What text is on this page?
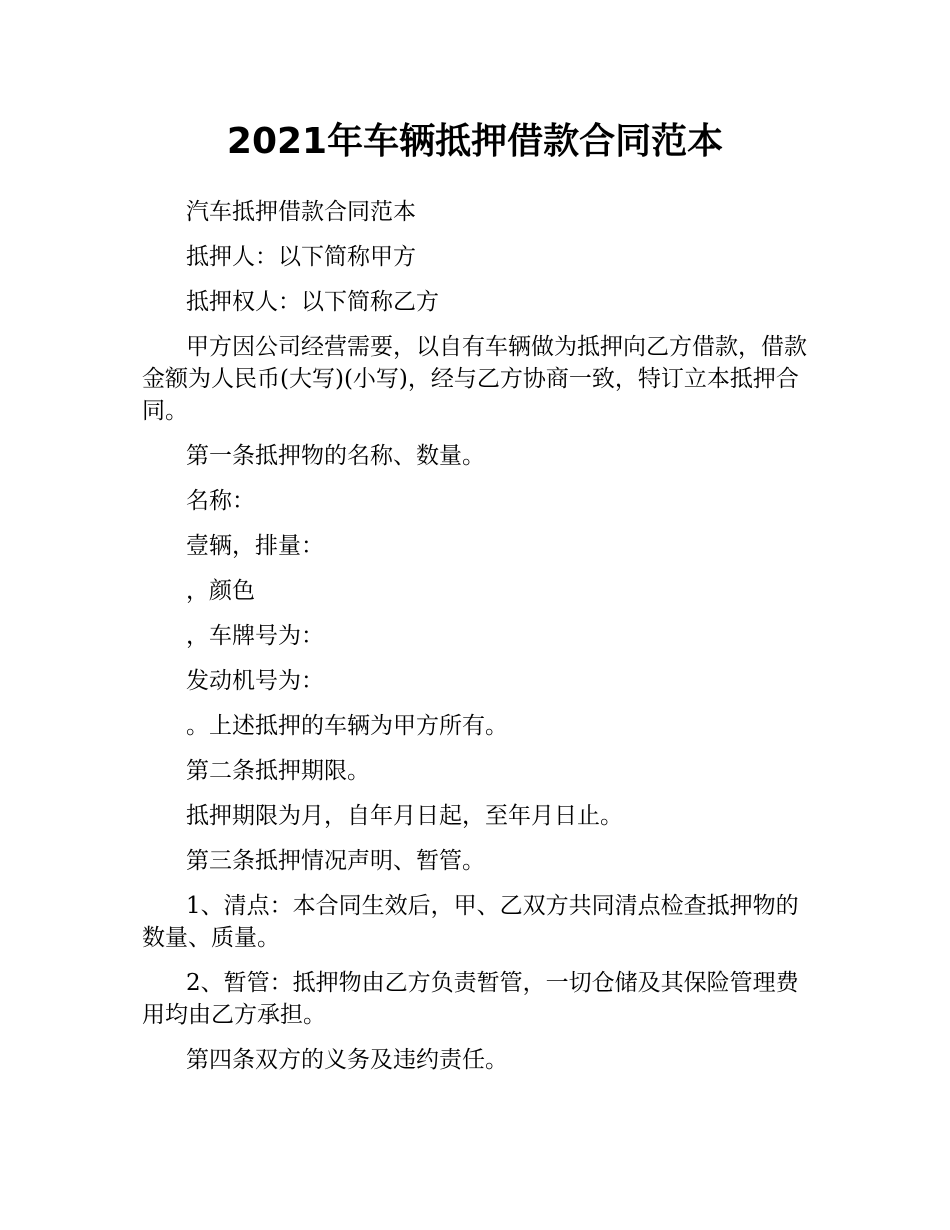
2021年车辆抵押借款合同范本

汽车抵押借款合同范本

抵押人：以下简称甲方

抵押权人：以下简称乙方

甲方因公司经营需要，以自有车辆做为抵押向乙方借款，借款金额为人民币(大写)(小写)，经与乙方协商一致，特订立本抵押合同。

第一条抵押物的名称、数量。

名称：

壹辆，排量：

，颜色

，车牌号为：

发动机号为：

。上述抵押的车辆为甲方所有。

第二条抵押期限。

抵押期限为月，自年月日起，至年月日止。

第三条抵押情况声明、暂管。

1、清点：本合同生效后，甲、乙双方共同清点检查抵押物的数量、质量。

2、暂管：抵押物由乙方负责暂管，一切仓储及其保险管理费用均由乙方承担。

第四条双方的义务及违约责任。
